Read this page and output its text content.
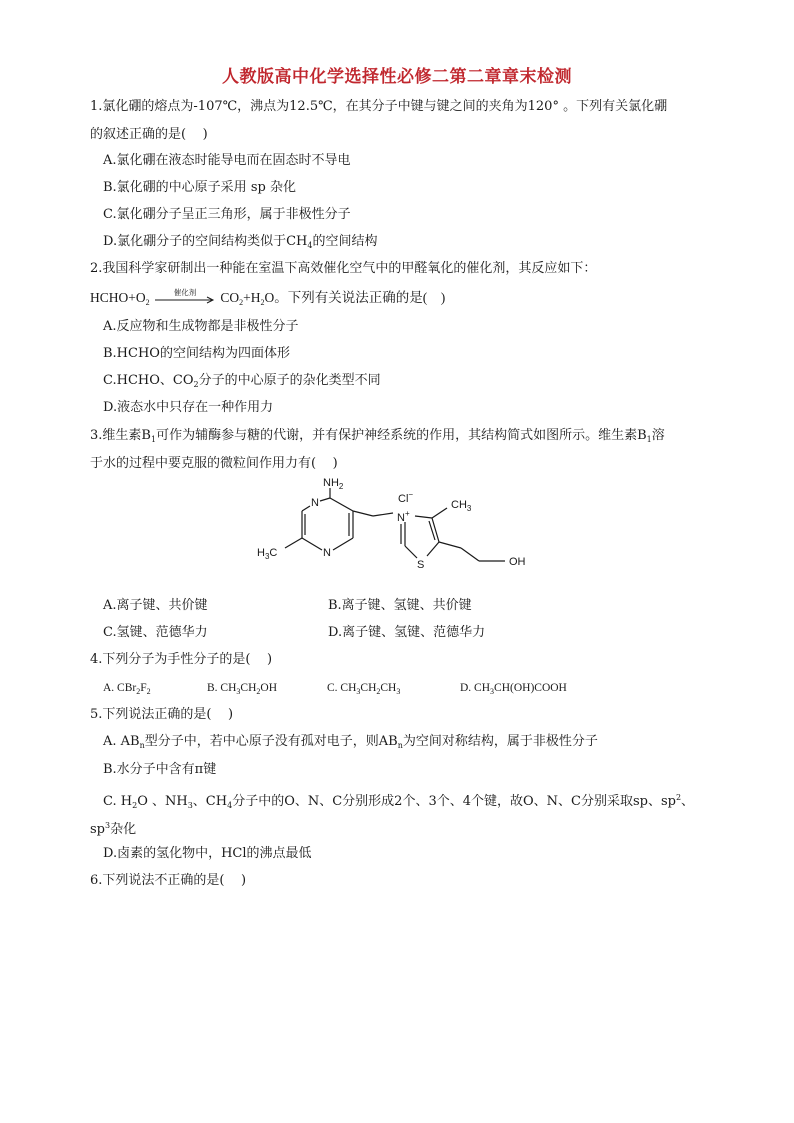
人教版高中化学选择性必修二第二章章末检测
1.氯化硼的熔点为-107℃，沸点为12.5℃，在其分子中键与键之间的夹角为120° 。下列有关氯化硼
的叙述正确的是(    )
A.氯化硼在液态时能导电而在固态时不导电
B.氯化硼的中心原子采用 sp 杂化
C.氯化硼分子呈正三角形，属于非极性分子
D.氯化硼分子的空间结构类似于$CH_4$的空间结构
2.我国科学家研制出一种能在室温下高效催化空气中的甲醛氧化的催化剂，其反应如下：
$HCHO+O_2$
催化剂	$CO_2+H_2O$。下列有关说法正确的是(    )
A.反应物和生成物都是非极性分子
B.HCHO的空间结构为四面体形
C.HCHO、$CO_2$分子的中心原子的杂化类型不同
D.液态水中只存在一种作用力
3.维生素$B_1$可作为辅酶参与糖的代谢，并有保护神经系统的作用，其结构简式如图所示。维生素$B_1$溶
于水的过程中要克服的微粒间作用力有(    )
$NH_2$
N
N
$H_3C$
Cl−
N+
$CH_3$
S	OH
A.离子键、共价键	B.离子键、氢键、共价键
C.氢键、范德华力	D.离子键、氢键、范德华力
4.下列分子为手性分子的是(    )
A. $CBr_2F_2$	B. $CH_3CH_2OH$	C. $CH_3CH_2CH_3$	D. $CH_3CH(OH)COOH$
5.下列说法正确的是(    )
A. $AB_n$型分子中，若中心原子没有孤对电子，则$AB_n$为空间对称结构，属于非极性分子
B.水分子中含有π键
C. $H_2O$ 、$NH_3$、$CH_4$分子中的O、N、C分别形成2个、3个、4个键，故O、N、C分别采取sp、$sp^2$、
$sp^3$杂化
D.卤素的氢化物中，HCl的沸点最低
6.下列说法不正确的是(    )
